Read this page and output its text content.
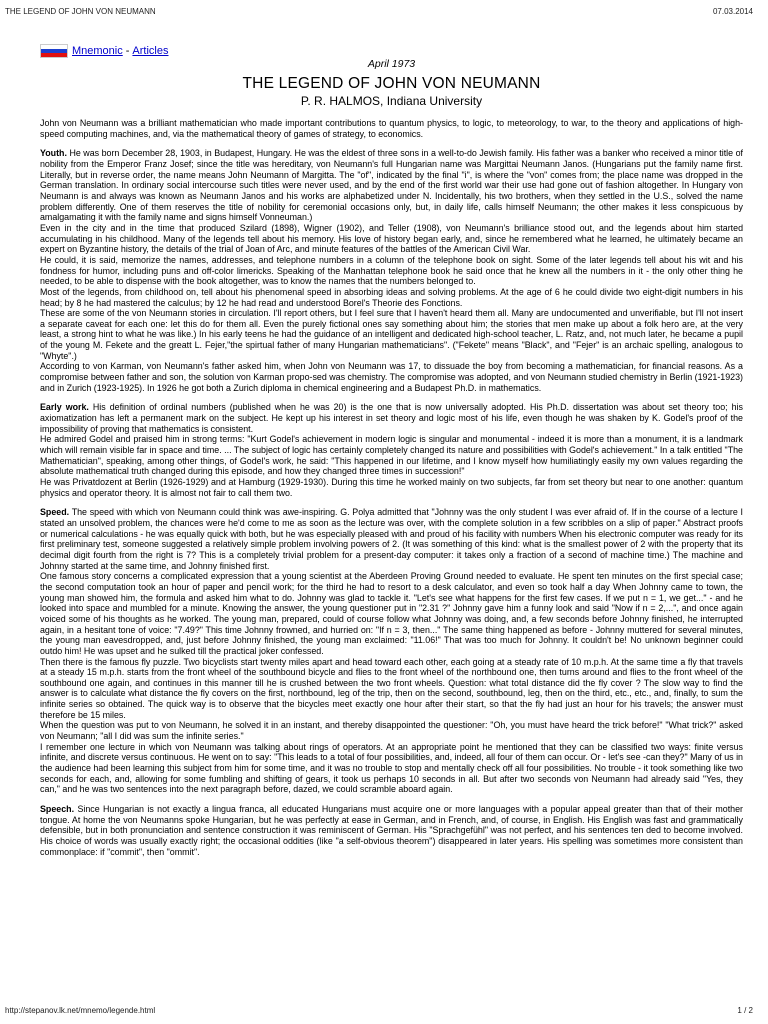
THE LEGEND OF JOHN VON NEUMANN	07.03.2014
Mnemonic - Articles
April 1973
THE LEGEND OF JOHN VON NEUMANN
P. R. HALMOS, Indiana University

John von Neumann was a brilliant mathematician who made important contributions to quantum physics, to logic, to meteorology, to war, to the theory and applications of high-speed computing machines, and, via the mathematical theory of games of strategy, to economics.

Youth. He was born December 28, 1903, in Budapest, Hungary. He was the eldest of three sons in a well-to-do Jewish family. His father was a banker who received a minor title of nobility from the Emperor Franz Josef; since the title was hereditary, von Neumann's full Hungarian name was Margittai Neumann Janos. (Hungarians put the family name first. Literally, but in reverse order, the name means John Neumann of Margitta. The "of", indicated by the final "i", is where the "von" comes from; the place name was dropped in the German translation. In ordinary social intercourse such titles were never used, and by the end of the first world war their use had gone out of fashion altogether. In Hungary von Neumann is and always was known as Neumann Janos and his works are alphabetized under N. Incidentally, his two brothers, when they settled in the U.S., solved the name problem differently. One of them reserves the title of nobility for ceremonial occasions only, but, in daily life, calls himself Neumann; the other makes it less conspicuous by amalgamating it with the family name and signs himself Vonneuman.)

Even in the city and in the time that produced Szilard (1898), Wigner (1902), and Teller (1908), von Neumann's brilliance stood out, and the legends about him started accumulating in his childhood. Many of the legends tell about his memory. His love of history began early, and, since he remembered what he learned, he ultimately became an expert on Byzantine history, the details of the trial of Joan of Arc, and minute features of the battles of the American Civil War.

He could, it is said, memorize the names, addresses, and telephone numbers in a column of the telephone book on sight. Some of the later legends tell about his wit and his fondness for humor, including puns and off-color limericks. Speaking of the Manhattan telephone book he said once that he knew all the numbers in it - the only other thing he needed, to be able to dispense with the book altogether, was to know the names that the numbers belonged to.

Most of the legends, from childhood on, tell about his phenomenal speed in absorbing ideas and solving problems. At the age of 6 he could divide two eight-digit numbers in his head; by 8 he had mastered the calculus; by 12 he had read and understood Borel's Theorie des Fonctions.

These are some of the von Neumann stories in circulation. I'll report others, but I feel sure that I haven't heard them all. Many are undocumented and unverifiable, but I'll not insert a separate caveat for each one: let this do for them all. Even the purely fictional ones say something about him; the stories that men make up about a folk hero are, at the very least, a strong hint to what he was like.) In his early teens he had the guidance of an intelligent and dedicated high-school teacher, L. Ratz, and, not much later, he became a pupil of the young M. Fekete and the greatt L. Fejer,"the spirtual father of many Hungarian mathematicians". ("Fekete" means "Black", and "Fejer" is an archaic spelling, analogous to "Whyte".)

According to von Karman, von Neumann's father asked him, when John von Neumann was 17, to dissuade the boy from becoming a mathematician, for financial reasons. As a compromise between father and son, the solution von Karman propo-sed was chemistry. The compromise was adopted, and von Neumann studied chemistry in Berlin (1921-1923) and in Zurich (1923-1925). In 1926 he got both a Zurich diploma in chemical engineering and a Budapest Ph.D. in mathematics.

Early work. His definition of ordinal numbers (published when he was 20) is the one that is now universally adopted. His Ph.D. dissertation was about set theory too; his axiomatization has left a permanent mark on the subject. He kept up his interest in set theory and logic most of his life, even though he was shaken by K. Godel's proof of the impossibility of proving that mathematics is consistent.

He admired Godel and praised him in strong terms: "Kurt Godel's achievement in modern logic is singular and monumental - indeed it is more than a monument, it is a landmark which will remain visible far in space and time. ... The subject of logic has certainly completely changed its nature and possibilities with Godel's achievement." In a talk entitled "The Mathematician", speaking, among other things, of Godel's work, he said: "This happened in our lifetime, and I know myself how humiliatingly easily my own values regarding the absolute mathematical truth changed during this episode, and how they changed three times in succession!"

He was Privatdozent at Berlin (1926-1929) and at Hamburg (1929-1930). During this time he worked mainly on two subjects, far from set theory but near to one another: quantum physics and operator theory. It is almost not fair to call them two.

Speed. The speed with which von Neumann could think was awe-inspiring. G. Polya admitted that "Johnny was the only student I was ever afraid of. If in the course of a lecture I stated an unsolved problem, the chances were he'd come to me as soon as the lecture was over, with the complete solution in a few scribbles on a slip of paper." Abstract proofs or numerical calculations - he was equally quick with both, but he was especially pleased with and proud of his facility with numbers When his electronic computer was ready for its first preliminary test, someone suggested a relatively simple problem involving powers of 2. (It was something of this kind: what is the smallest power of 2 with the property that its decimal digit fourth from the right is 7? This is a completely trivial problem for a present-day computer: it takes only a fraction of a second of machine time.) The machine and Johnny started at the same time, and Johnny finished first.

One famous story concerns a complicated expression that a young scientist at the Aberdeen Proving Ground needed to evaluate. He spent ten minutes on the first special case; the second computation took an hour of paper and pencil work; for the third he had to resort to a desk calculator, and even so took half a day When Johnny came to town, the young man showed him, the formula and asked him what to do. Johnny was glad to tackle it. "Let's see what happens for the first few cases. If we put n = 1, we get..." - and he looked into space and mumbled for a minute. Knowing the answer, the young questioner put in "2.31 ?" Johnny gave him a funny look and said "Now if n = 2,...", and once again voiced some of his thoughts as he worked. The young man, prepared, could of course follow what Johnny was doing, and, a few seconds before Johnny finished, he interrupted again, in a hesitant tone of voice: "7.49?" This time Johnny frowned, and hurried on: "If n = 3, then..." The same thing happened as before - Johnny muttered for several minutes, the young man eavesdropped, and, just before Johnny finished, the young man exclaimed: "11.06!" That was too much for Johnny. It couldn't be! No unknown beginner could outdo him! He was upset and he sulked till the practical joker confessed.

Then there is the famous fly puzzle. Two bicyclists start twenty miles apart and head toward each other, each going at a steady rate of 10 m.p.h. At the same time a fly that travels at a steady 15 m.p.h. starts from the front wheel of the southbound bicycle and flies to the front wheel of the northbound one, then turns around and flies to the front wheel of the southbound one again, and continues in this manner till he is crushed between the two front wheels. Question: what total distance did the fly cover ? The slow way to find the answer is to calculate what distance the fly covers on the first, northbound, leg of the trip, then on the second, southbound, leg, then on the third, etc., etc., and, finally, to sum the infinite series so obtained. The quick way is to observe that the bicycles meet exactly one hour after their start, so that the fly had just an hour for his travels; the answer must therefore be 15 miles.

When the question was put to von Neumann, he solved it in an instant, and thereby disappointed the questioner: "Oh, you must have heard the trick before!" "What trick?" asked von Neumann; "all I did was sum the infinite series."

I remember one lecture in which von Neumann was talking about rings of operators. At an appropriate point he mentioned that they can be classified two ways: finite versus infinite, and discrete versus continuous. He went on to say: "This leads to a total of four possibilities, and, indeed, all four of them can occur. Or - let's see -can they?" Many of us in the audience had been learning this subject from him for some time, and it was no trouble to stop and mentally check off all four possibilities. No trouble - it took something like two seconds for each, and, allowing for some fumbling and shifting of gears, it took us perhaps 10 seconds in all. But after two seconds von Neumann had already said "Yes, they can," and he was two sentences into the next paragraph before, dazed, we could scramble aboard again.

Speech. Since Hungarian is not exactly a lingua franca, all educated Hungarians must acquire one or more languages with a popular appeal greater than that of their mother tongue. At home the von Neumanns spoke Hungarian, but he was perfectly at ease in German, and in French, and, of course, in English. His English was fast and grammatically defensible, but in both pronunciation and sentence construction it was reminiscent of German. His "Sprachgefühl" was not perfect, and his sentences ten ded to become involved. His choice of words was usually exactly right; the occasional oddities (like "a self-obvious theorem") disappeared in later years. His spelling was sometimes more consistent than commonplace: if "commit", then "ommit".

http://stepanov.lk.net/mnemo/legende.html	1 / 2
